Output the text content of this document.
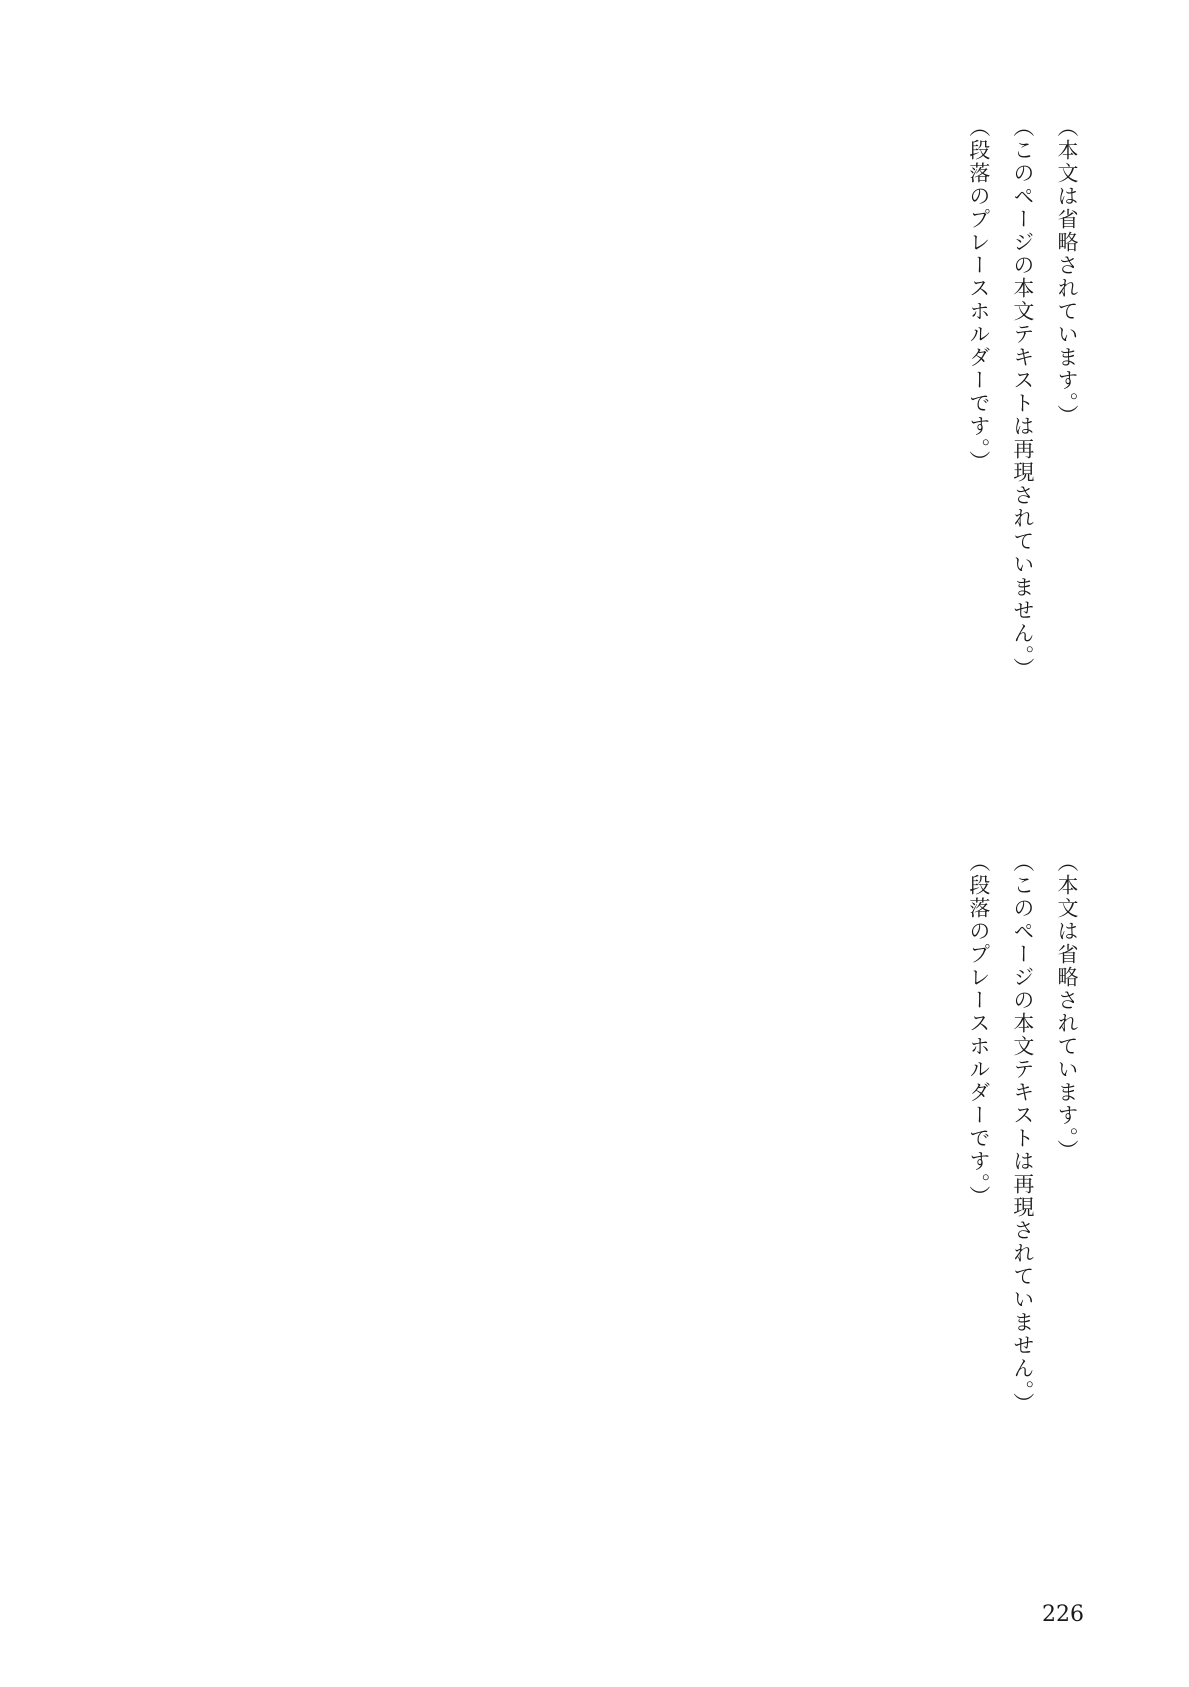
（本文は省略されています。）

（このページの本文テキストは再現されていません。）

（段落のプレースホルダーです。）

（本文は省略されています。）

（このページの本文テキストは再現されていません。）

（段落のプレースホルダーです。）

226
